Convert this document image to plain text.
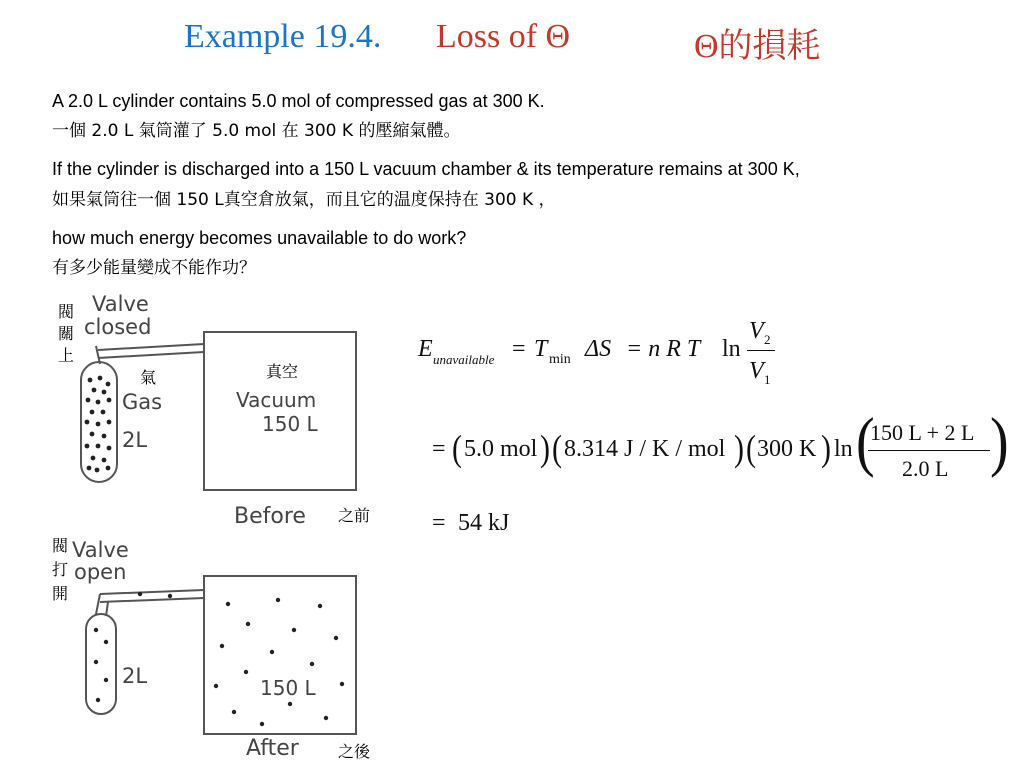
Example 19.4. Loss of Θ	Θ的損耗
A 2.0 L cylinder contains 5.0 mol of compressed gas at 300 K.
一個 2.0 L 氣筒灌了 5.0 mol 在 300 K 的壓縮氣體。
If the cylinder is discharged into a 150 L vacuum chamber & its temperature remains at 300 K,
如果氣筒往一個 150 L真空倉放氣，而且它的温度保持在 300 K ，
how much energy becomes unavailable to do work?
有多少能量變成不能作功？
閥
關
上
Valve
closed
氣
Gas
2L
真空
Vacuum
150 L
Before 之前
閥
打
開
Valve
open
2L	150 L
After 之後
E unavailable = T min ΔS = n R T ln
V 2
V 1
= ( 5.0 mol ) ( 8.314 J / K / mol ) ( 300 K ) ln (
150 L + 2 L
2.0 L )
= 54 kJ
